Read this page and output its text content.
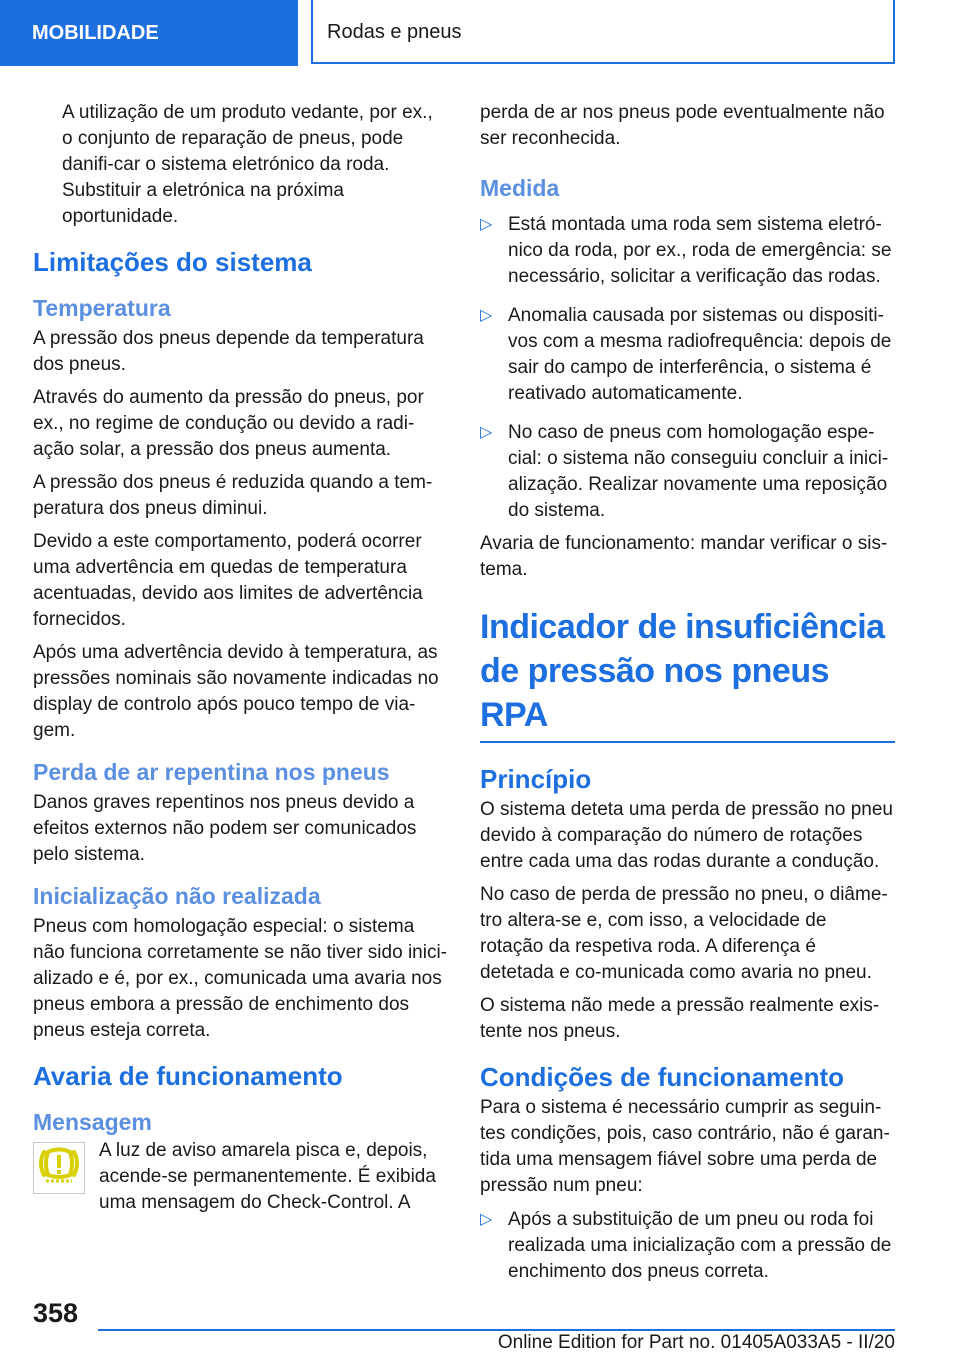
MOBILIDADE	Rodas e pneus

A utilização de um produto vedante, por ex., o conjunto de reparação de pneus, pode danifi-car o sistema eletrónico da roda. Substituir a eletrónica na próxima oportunidade.

Limitações do sistema
Temperatura

A pressão dos pneus depende da temperatura dos pneus.

Através do aumento da pressão do pneus, por ex., no regime de condução ou devido a radi-ação solar, a pressão dos pneus aumenta.

A pressão dos pneus é reduzida quando a tem-peratura dos pneus diminui.

Devido a este comportamento, poderá ocorrer uma advertência em quedas de temperatura acentuadas, devido aos limites de advertência fornecidos.

Após uma advertência devido à temperatura, as pressões nominais são novamente indicadas no display de controlo após pouco tempo de via-gem.

Perda de ar repentina nos pneus

Danos graves repentinos nos pneus devido a efeitos externos não podem ser comunicados pelo sistema.

Inicialização não realizada

Pneus com homologação especial: o sistema não funciona corretamente se não tiver sido inici-alizado e é, por ex., comunicada uma avaria nos pneus embora a pressão de enchimento dos pneus esteja correta.

Avaria de funcionamento
Mensagem

A luz de aviso amarela pisca e, depois, acende-se permanentemente. É exibida uma mensagem do Check-Control. A

perda de ar nos pneus pode eventualmente não ser reconhecida.

Medida
▷ Está montada uma roda sem sistema eletró-nico da roda, por ex., roda de emergência: se necessário, solicitar a verificação das rodas.
▷ Anomalia causada por sistemas ou dispositi-vos com a mesma radiofrequência: depois de sair do campo de interferência, o sistema é reativado automaticamente.
▷ No caso de pneus com homologação espe-cial: o sistema não conseguiu concluir a inici-alização. Realizar novamente uma reposição do sistema.

Avaria de funcionamento: mandar verificar o sis-tema.

Indicador de insuficiência
de pressão nos pneus RPA
Princípio

O sistema deteta uma perda de pressão no pneu devido à comparação do número de rotações entre cada uma das rodas durante a condução.

No caso de perda de pressão no pneu, o diâme-tro altera-se e, com isso, a velocidade de rotação da respetiva roda. A diferença é detetada e co-municada como avaria no pneu.

O sistema não mede a pressão realmente exis-tente nos pneus.

Condições de funcionamento

Para o sistema é necessário cumprir as seguin-tes condições, pois, caso contrário, não é garan-tida uma mensagem fiável sobre uma perda de pressão num pneu:

▷ Após a substituição de um pneu ou roda foi realizada uma inicialização com a pressão de enchimento dos pneus correta.
358
Online Edition for Part no. 01405A033A5 - II/20
